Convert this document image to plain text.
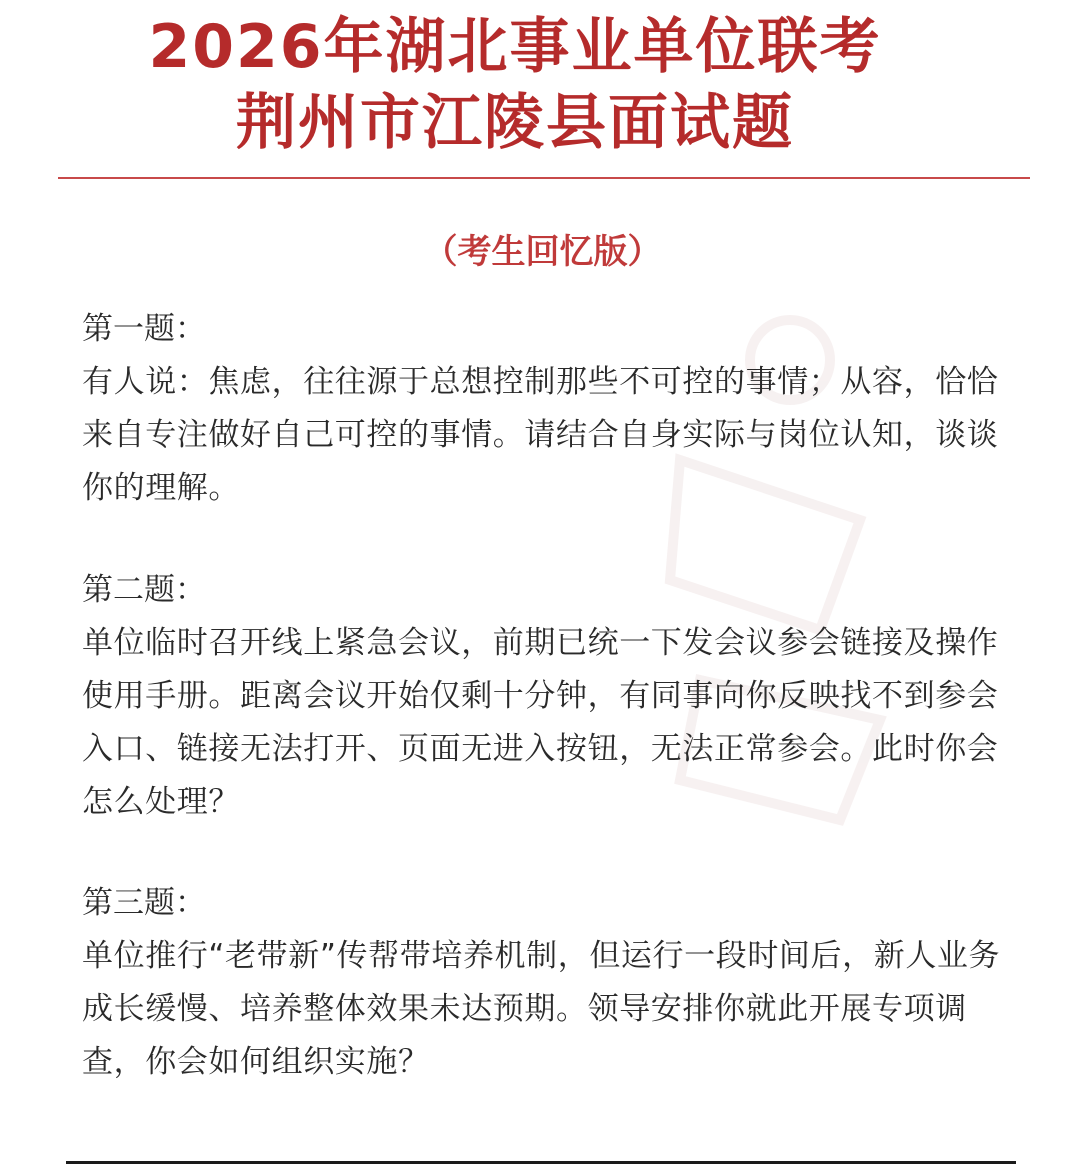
2026年湖北事业单位联考
荆州市江陵县面试题
（考生回忆版）
第一题：
有人说：焦虑，往往源于总想控制那些不可控的事情；从容，恰恰来自专注做好自己可控的事情。请结合自身实际与岗位认知，谈谈你的理解。
第二题：
单位临时召开线上紧急会议，前期已统一下发会议参会链接及操作使用手册。距离会议开始仅剩十分钟，有同事向你反映找不到参会入口、链接无法打开、页面无进入按钮，无法正常参会。此时你会怎么处理？
第三题：
单位推行“老带新”传帮带培养机制，但运行一段时间后，新人业务成长缓慢、培养整体效果未达预期。领导安排你就此开展专项调查，你会如何组织实施？
